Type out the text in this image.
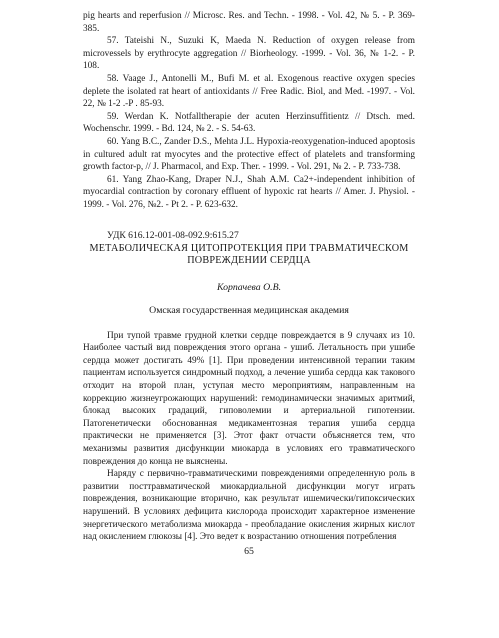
pig hearts and reperfusion // Microsc. Res. and Techn. - 1998. - Vol. 42, № 5. - P. 369-385.

57. Tateishi N., Suzuki K, Maeda N. Reduction of oxygen release from microvessels by erythrocyte aggregation // Biorheology. -1999. - Vol. 36, № 1-2. - P. 108.

58. Vaage J., Antonelli M., Bufi M. et al. Exogenous reactive oxygen species deplete the isolated rat heart of antioxidants // Free Radic. Biol, and Med. -1997. - Vol. 22, № 1-2 .-P . 85-93.

59. Werdan K. Notfalltherapie der acuten Herzinsuffitientz // Dtsch. med. Wochenschr. 1999. - Bd. 124, № 2. - S. 54-63.

60. Yang B.C., Zander D.S., Mehta J.L. Hypoxia-reoxygenation-induced apoptosis in cultured adult rat myocytes and the protective effect of platelets and transforming growth factor-p, // J. Pharmacol, and Exp. Ther. - 1999. - Vol. 291, № 2. - P. 733-738.

61. Yang Zhao-Kang, Draper N.J., Shah A.M. Ca2+-independent inhibition of myocardial contraction by coronary effluent of hypoxic rat hearts // Amer. J. Physiol. - 1999. - Vol. 276, №2. - Pt 2. - P. 623-632.

УДК 616.12-001-08-092.9:615.27
МЕТАБОЛИЧЕСКАЯ ЦИТОПРОТЕКЦИЯ ПРИ ТРАВМАТИЧЕСКОМ
ПОВРЕЖДЕНИИ СЕРДЦА
Корпачева О.В.
Омская государственная медицинская академия

При тупой травме грудной клетки сердце повреждается в 9 случаях из 10. Наиболее частый вид повреждения этого органа - ушиб. Летальность при ушибе сердца может достигать 49% [1]. При проведении интенсивной терапии таким пациентам используется синдромный подход, а лечение ушиба сердца как такового отходит на второй план, уступая место мероприятиям, направленным на коррекцию жизнеугрожающих нарушений: гемодинамически значимых аритмий, блокад высоких градаций, гиповолемии и артериальной гипотензии. Патогенетически обоснованная медикаментозная терапия ушиба сердца практически не применяется [3]. Этот факт отчасти объясняется тем, что механизмы развития дисфункции миокарда в условиях его травматического повреждения до конца не выяснены.

Наряду с первично-травматическими повреждениями определенную роль в развитии посттравматической миокардиальной дисфункции могут играть повреждения, возникающие вторично, как результат ишемически/гипоксических нарушений. В условиях дефицита кислорода происходит характерное изменение энергетического метаболизма миокарда - преобладание окисления жирных кислот над окислением глюкозы [4]. Это ведет к возрастанию отношения потребления

65
